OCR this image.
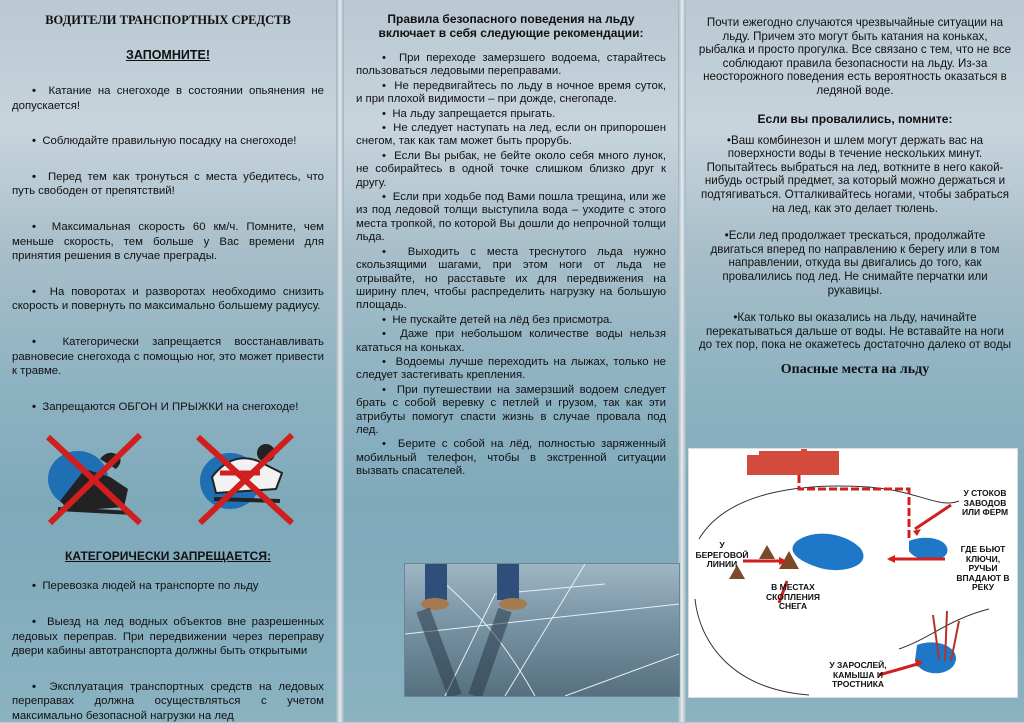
ВОДИТЕЛИ ТРАНСПОРТНЫХ СРЕДСТВ
ЗАПОМНИТЕ!

•  Катание на снегоходе в состоянии опьянения не допускается!

•  Соблюдайте правильную посадку на снегоходе!

•  Перед тем как тронуться с места убедитесь, что путь свободен от препятствий!

•  Максимальная скорость 60 км/ч. Помните, чем меньше скорость, тем больше у Вас времени для принятия решения в случае преграды.

•  На поворотах и разворотах необходимо снизить скорость и повернуть по максимально большему радиусу.

•  Категорически запрещается восстанавливать равновесие снегохода с помощью ног, это может привести к травме.

•  Запрещаются ОБГОН И ПРЫЖКИ на снегоходе!

КАТЕГОРИЧЕСКИ ЗАПРЕЩАЕТСЯ:

•  Перевозка людей на транспорте по льду

•  Выезд на лед водных объектов вне разрешенных ледовых переправ. При передвижении через переправу двери кабины автотранспорта должны быть открытыми

•  Эксплуатация транспортных средств на ледовых переправах должна осуществляться с учетом максимально безопасной нагрузки на лед

Правила безопасного поведения на льду включает в себя следующие рекомендации:

•  При переходе замерзшего водоема, старайтесь пользоваться ледовыми переправами.

•  Не передвигайтесь по льду в ночное время суток, и при плохой видимости – при дожде, снегопаде.

•  На льду запрещается прыгать.

•  Не следует наступать на лед, если он припорошен снегом, так как там может быть прорубь.

•  Если Вы рыбак, не бейте около себя много лунок, не собирайтесь в одной точке слишком близко друг к другу.

•  Если при ходьбе под Вами пошла трещина, или же из под ледовой толщи выступила вода – уходите с этого места тропкой, по которой Вы дошли до непрочной толщи льда.

•  Выходить с места треснутого льда нужно скользящими шагами, при этом ноги от льда не отрывайте, но расставьте их для передвижения на ширину плеч, чтобы распределить нагрузку на большую площадь.

•  Не пускайте детей на лёд без присмотра.

•  Даже при небольшом количестве воды нельзя кататься на коньках.

•  Водоемы лучше переходить на лыжах, только не следует застегивать крепления.

•  При путешествии на замерзший водоем следует брать с собой веревку с петлей и грузом, так как эти атрибуты помогут спасти жизнь в случае провала под лед.

•  Берите с собой на лёд, полностью заряженный мобильный телефон, чтобы в экстренной ситуации вызвать спасателей.

Почти ежегодно случаются чрезвычайные ситуации на льду. Причем это могут быть катания на коньках, рыбалка и просто прогулка. Все связано с тем, что не все соблюдают правила безопасности на льду. Из-за неосторожного поведения есть вероятность оказаться в ледяной воде.

Если вы провалились, помните:

•Ваш комбинезон и шлем могут держать вас на поверхности воды в течение нескольких минут. Попытайтесь выбраться на лед, воткните в него какой-нибудь острый предмет, за который можно держаться и подтягиваться. Отталкивайтесь ногами, чтобы забраться на лед, как это делает тюлень.

•Если лед продолжает трескаться, продолжайте двигаться вперед по направлению к берегу или в том направлении, откуда вы двигались до того, как провалились под лед. Не снимайте перчатки или рукавицы.

•Как только вы оказались на льду, начинайте перекатываться дальше от воды. Не вставайте на ноги до тех пор, пока не окажетесь достаточно далеко от воды

Опасные места на льду
У СТОКОВ ЗАВОДОВ ИЛИ ФЕРМ
У БЕРЕГОВОЙ ЛИНИИ
ГДЕ БЬЮТ КЛЮЧИ, РУЧЬИ ВПАДАЮТ В РЕКУ
В МЕСТАХ СКОПЛЕНИЯ СНЕГА
У ЗАРОСЛЕЙ, КАМЫША И ТРОСТНИКА
